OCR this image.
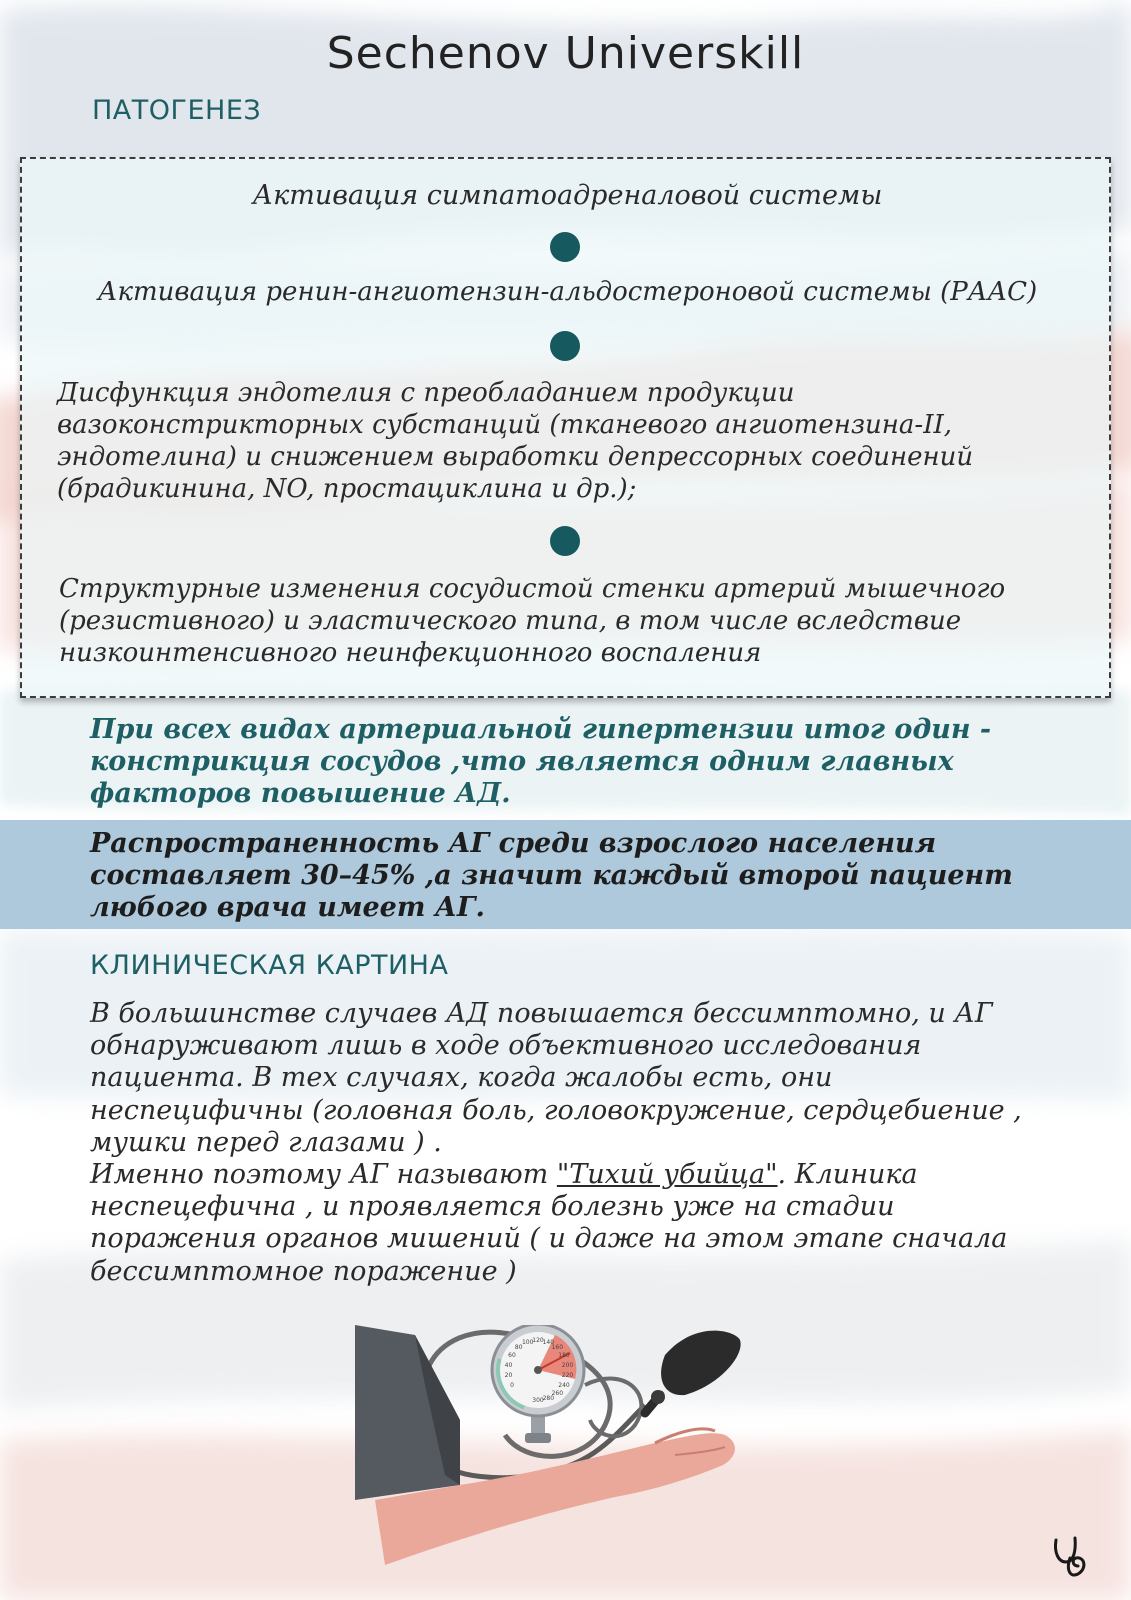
Sechenov Universkill
ПАТОГЕНЕЗ
Активация симпатоадреналовой системы
Активация ренин-ангиотензин-альдостероновой системы (РААС)
Дисфункция эндотелия с преобладанием продукции вазоконстрикторных субстанций (тканевого ангиотензина-II, эндотелина) и снижением выработки депрессорных соединений (брадикинина, NO, простациклина и др.);
Структурные изменения сосудистой стенки артерий мышечного (резистивного) и эластического типа, в том числе вследствие низкоинтенсивного неинфекционного воспаления
При всех видах артериальной гипертензии итог один - констрикция сосудов ,что является одним главных факторов повышение АД.
Распространенность АГ среди взрослого населения составляет 30–45% ,а значит каждый второй пациент любого врача имеет АГ.
КЛИНИЧЕСКАЯ КАРТИНА

В большинстве случаев АД повышается бессимптомно, и АГ обнаруживают лишь в ходе объективного исследования пациента. В тех случаях, когда жалобы есть, они неспецифичны (головная боль, головокружение, сердцебиение , мушки перед глазами ) .

Именно поэтому АГ называют "Тихий убийца". Клиника неспецефична , и проявляется болезнь уже на стадии поражения органов мишений ( и даже на этом этапе сначала бессимптомное поражение )

0
20
40
60
80
100
120
140
160
180
200
220
240
260
280
300
